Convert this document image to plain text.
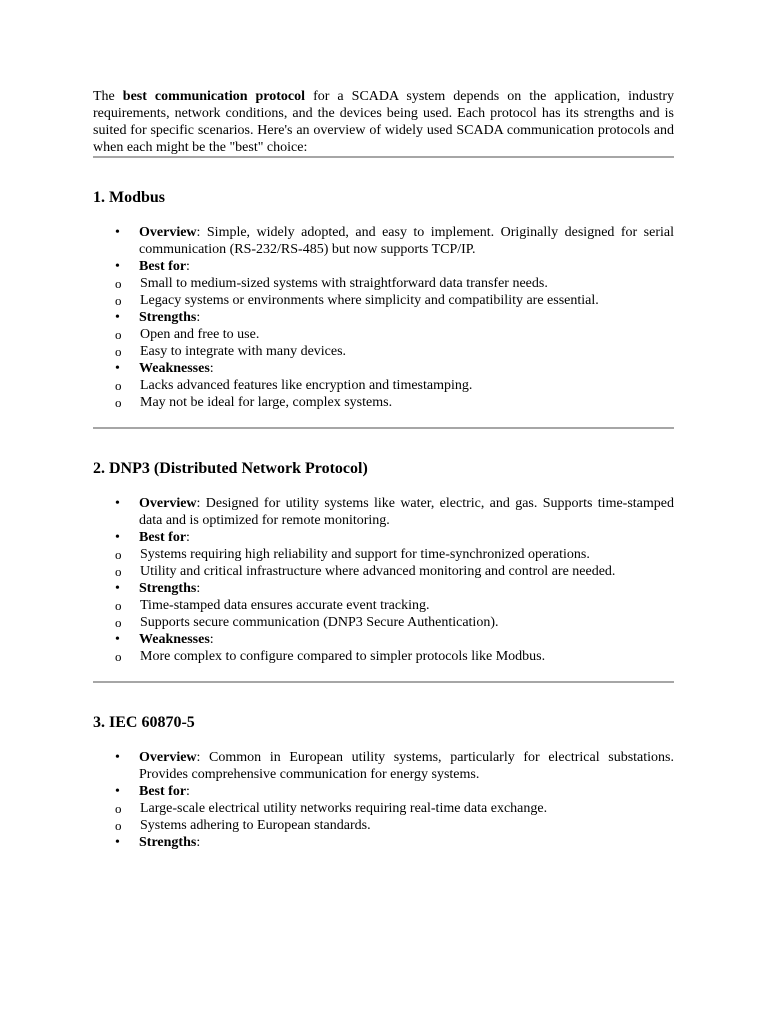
The best communication protocol for a SCADA system depends on the application, industry requirements, network conditions, and the devices being used. Each protocol has its strengths and is suited for specific scenarios. Here's an overview of widely used SCADA communication protocols and when each might be the "best" choice:

1. Modbus
• Overview: Simple, widely adopted, and easy to implement. Originally designed for serial communication (RS-232/RS-485) but now supports TCP/IP.
• Best for:
o Small to medium-sized systems with straightforward data transfer needs.
o Legacy systems or environments where simplicity and compatibility are essential.
• Strengths:
o Open and free to use.
o Easy to integrate with many devices.
• Weaknesses:
o Lacks advanced features like encryption and timestamping.
o May not be ideal for large, complex systems.
2. DNP3 (Distributed Network Protocol)
• Overview: Designed for utility systems like water, electric, and gas. Supports time-stamped data and is optimized for remote monitoring.
• Best for:
o Systems requiring high reliability and support for time-synchronized operations.
o Utility and critical infrastructure where advanced monitoring and control are needed.
• Strengths:
o Time-stamped data ensures accurate event tracking.
o Supports secure communication (DNP3 Secure Authentication).
• Weaknesses:
o More complex to configure compared to simpler protocols like Modbus.
3. IEC 60870-5
• Overview: Common in European utility systems, particularly for electrical substations. Provides comprehensive communication for energy systems.
• Best for:
o Large-scale electrical utility networks requiring real-time data exchange.
o Systems adhering to European standards.
• Strengths:
